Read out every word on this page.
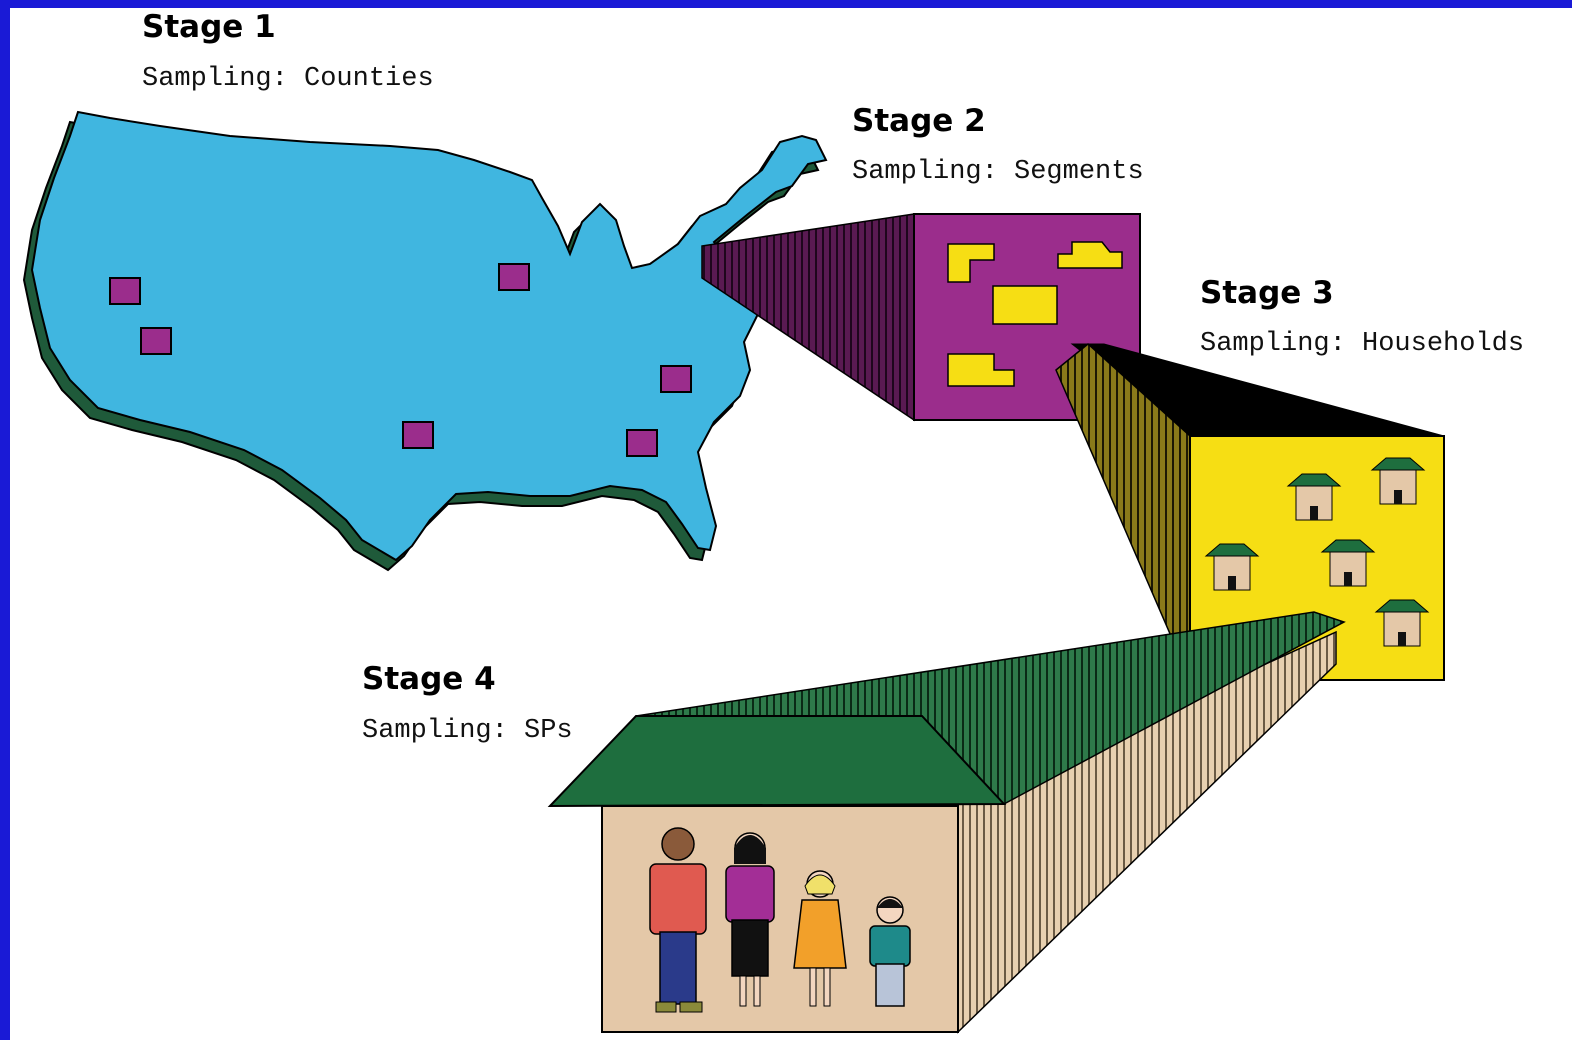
Stage 1
Sampling: Counties
Stage 2
Sampling: Segments
Stage 3
Sampling: Households
Stage 4
Sampling: SPs
